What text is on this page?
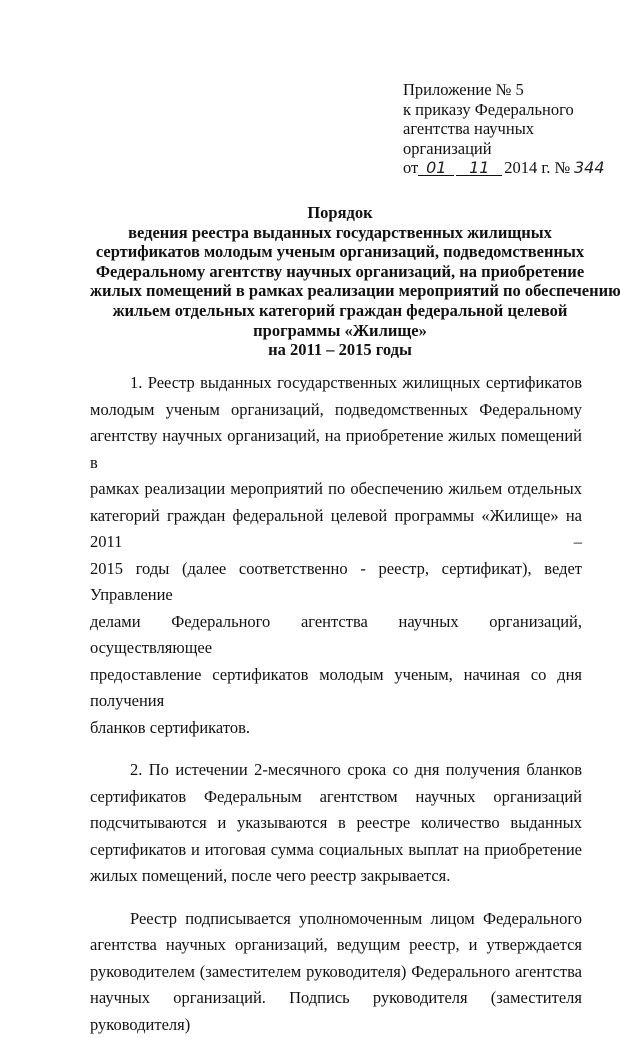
Приложение № 5
к приказу Федерального
агентства научных
организаций
от 01 11 2014 г. № 344
Порядок
ведения реестра выданных государственных жилищных
сертификатов молодым ученым организаций, подведомственных
Федеральному агентству научных организаций, на приобретение
жилых помещений в рамках реализации мероприятий по обеспечению
жильем отдельных категорий граждан федеральной целевой
программы «Жилище»
на 2011 – 2015 годы
1. Реестр выданных государственных жилищных сертификатов
молодым ученым организаций, подведомственных Федеральному
агентству научных организаций, на приобретение жилых помещений в
рамках реализации мероприятий по обеспечению жильем отдельных
категорий граждан федеральной целевой программы «Жилище» на 2011 –
2015 годы (далее соответственно - реестр, сертификат), ведет Управление
делами Федерального агентства научных организаций, осуществляющее
предоставление сертификатов молодым ученым, начиная со дня получения
бланков сертификатов.
2. По истечении 2-месячного срока со дня получения бланков
сертификатов Федеральным агентством научных организаций
подсчитываются и указываются в реестре количество выданных
сертификатов и итоговая сумма социальных выплат на приобретение
жилых помещений, после чего реестр закрывается.
Реестр подписывается уполномоченным лицом Федерального
агентства научных организаций, ведущим реестр, и утверждается
руководителем (заместителем руководителя) Федерального агентства
научных организаций. Подпись руководителя (заместителя руководителя)
